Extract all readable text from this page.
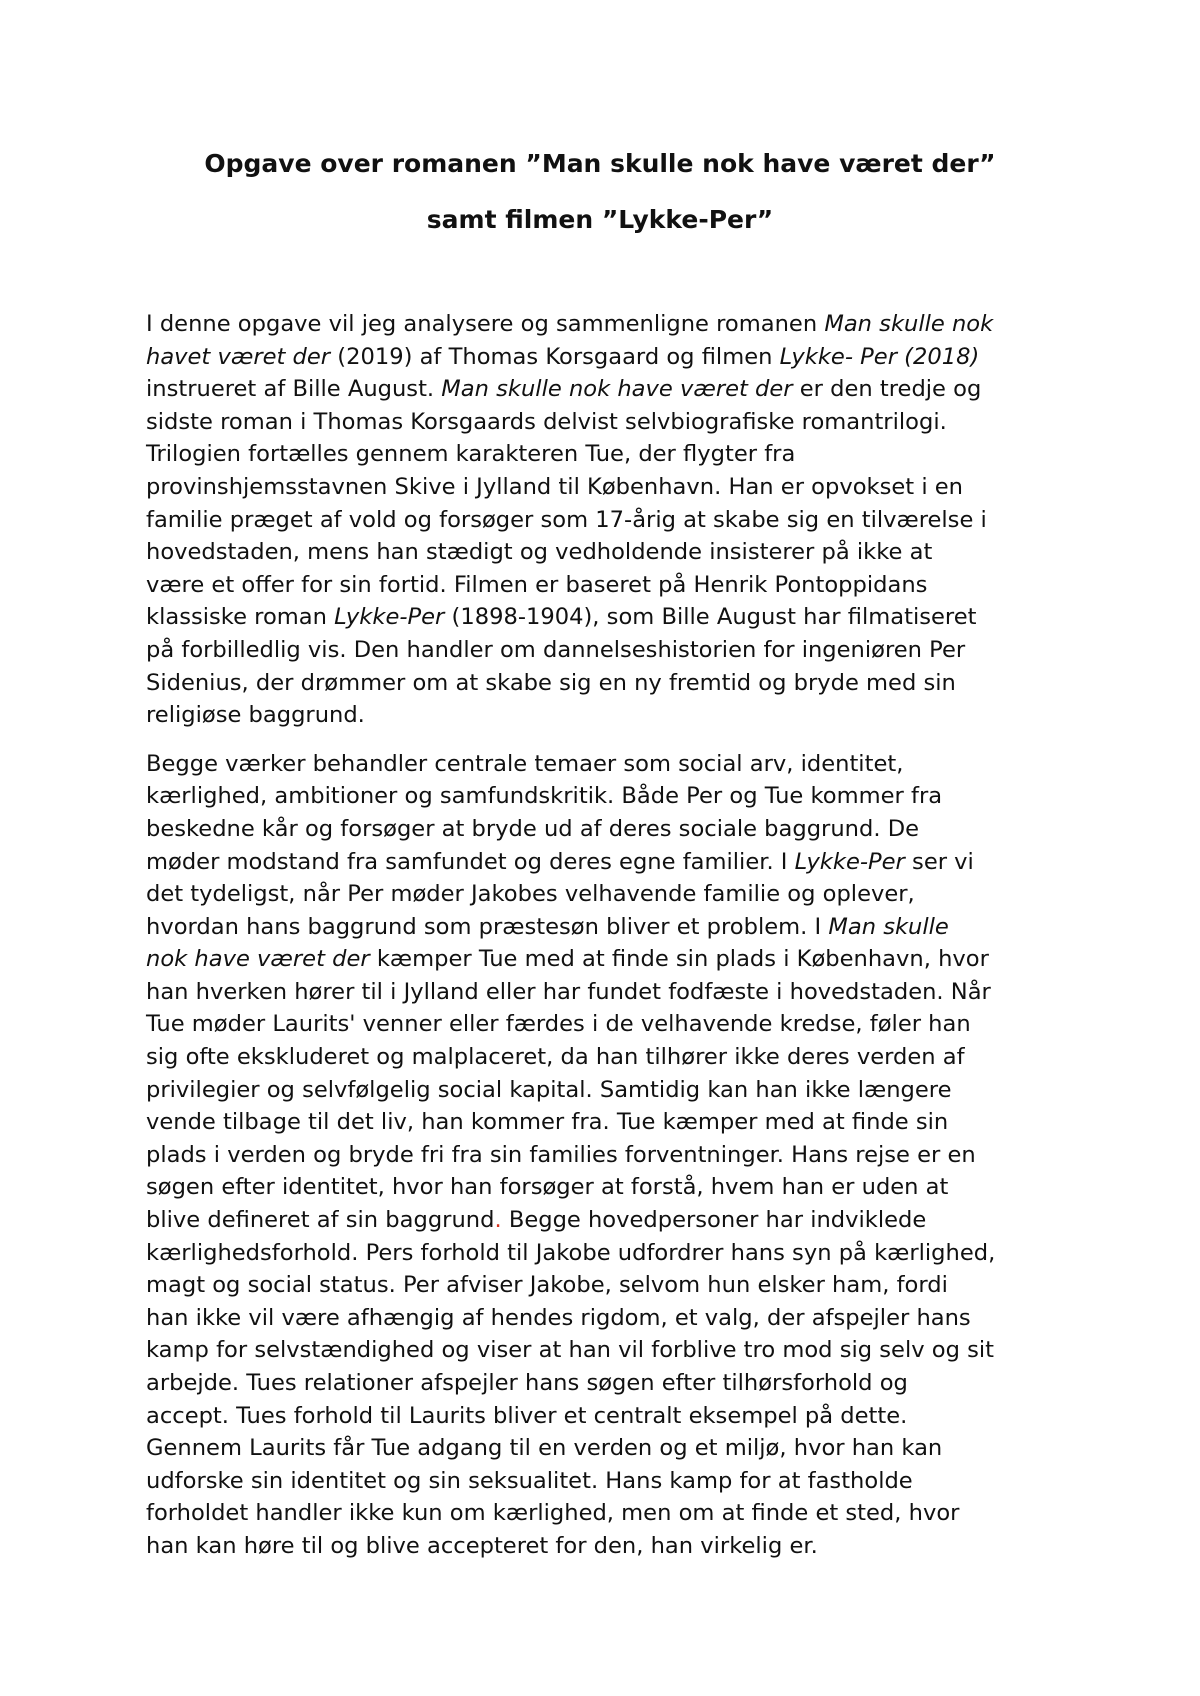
Opgave over romanen ”Man skulle nok have været der”
samt filmen ”Lykke-Per”

I denne opgave vil jeg analysere og sammenligne romanen Man skulle nok
havet været der (2019) af Thomas Korsgaard og filmen Lykke- Per (2018)
instrueret af Bille August. Man skulle nok have været der er den tredje og
sidste roman i Thomas Korsgaards delvist selvbiografiske romantrilogi.
Trilogien fortælles gennem karakteren Tue, der flygter fra
provinshjemsstavnen Skive i Jylland til København. Han er opvokset i en
familie præget af vold og forsøger som 17-årig at skabe sig en tilværelse i
hovedstaden, mens han stædigt og vedholdende insisterer på ikke at
være et offer for sin fortid. Filmen er baseret på Henrik Pontoppidans
klassiske roman Lykke-Per (1898-1904), som Bille August har filmatiseret
på forbilledlig vis. Den handler om dannelseshistorien for ingeniøren Per
Sidenius, der drømmer om at skabe sig en ny fremtid og bryde med sin
religiøse baggrund.

Begge værker behandler centrale temaer som social arv, identitet,
kærlighed, ambitioner og samfundskritik. Både Per og Tue kommer fra
beskedne kår og forsøger at bryde ud af deres sociale baggrund. De
møder modstand fra samfundet og deres egne familier. I Lykke-Per ser vi
det tydeligst, når Per møder Jakobes velhavende familie og oplever,
hvordan hans baggrund som præstesøn bliver et problem. I Man skulle
nok have været der kæmper Tue med at finde sin plads i København, hvor
han hverken hører til i Jylland eller har fundet fodfæste i hovedstaden. Når
Tue møder Laurits' venner eller færdes i de velhavende kredse, føler han
sig ofte ekskluderet og malplaceret, da han tilhører ikke deres verden af
privilegier og selvfølgelig social kapital. Samtidig kan han ikke længere
vende tilbage til det liv, han kommer fra. Tue kæmper med at finde sin
plads i verden og bryde fri fra sin families forventninger. Hans rejse er en
søgen efter identitet, hvor han forsøger at forstå, hvem han er uden at
blive defineret af sin baggrund. Begge hovedpersoner har indviklede
kærlighedsforhold. Pers forhold til Jakobe udfordrer hans syn på kærlighed,
magt og social status. Per afviser Jakobe, selvom hun elsker ham, fordi
han ikke vil være afhængig af hendes rigdom, et valg, der afspejler hans
kamp for selvstændighed og viser at han vil forblive tro mod sig selv og sit
arbejde. Tues relationer afspejler hans søgen efter tilhørsforhold og
accept. Tues forhold til Laurits bliver et centralt eksempel på dette.
Gennem Laurits får Tue adgang til en verden og et miljø, hvor han kan
udforske sin identitet og sin seksualitet. Hans kamp for at fastholde
forholdet handler ikke kun om kærlighed, men om at finde et sted, hvor
han kan høre til og blive accepteret for den, han virkelig er.
